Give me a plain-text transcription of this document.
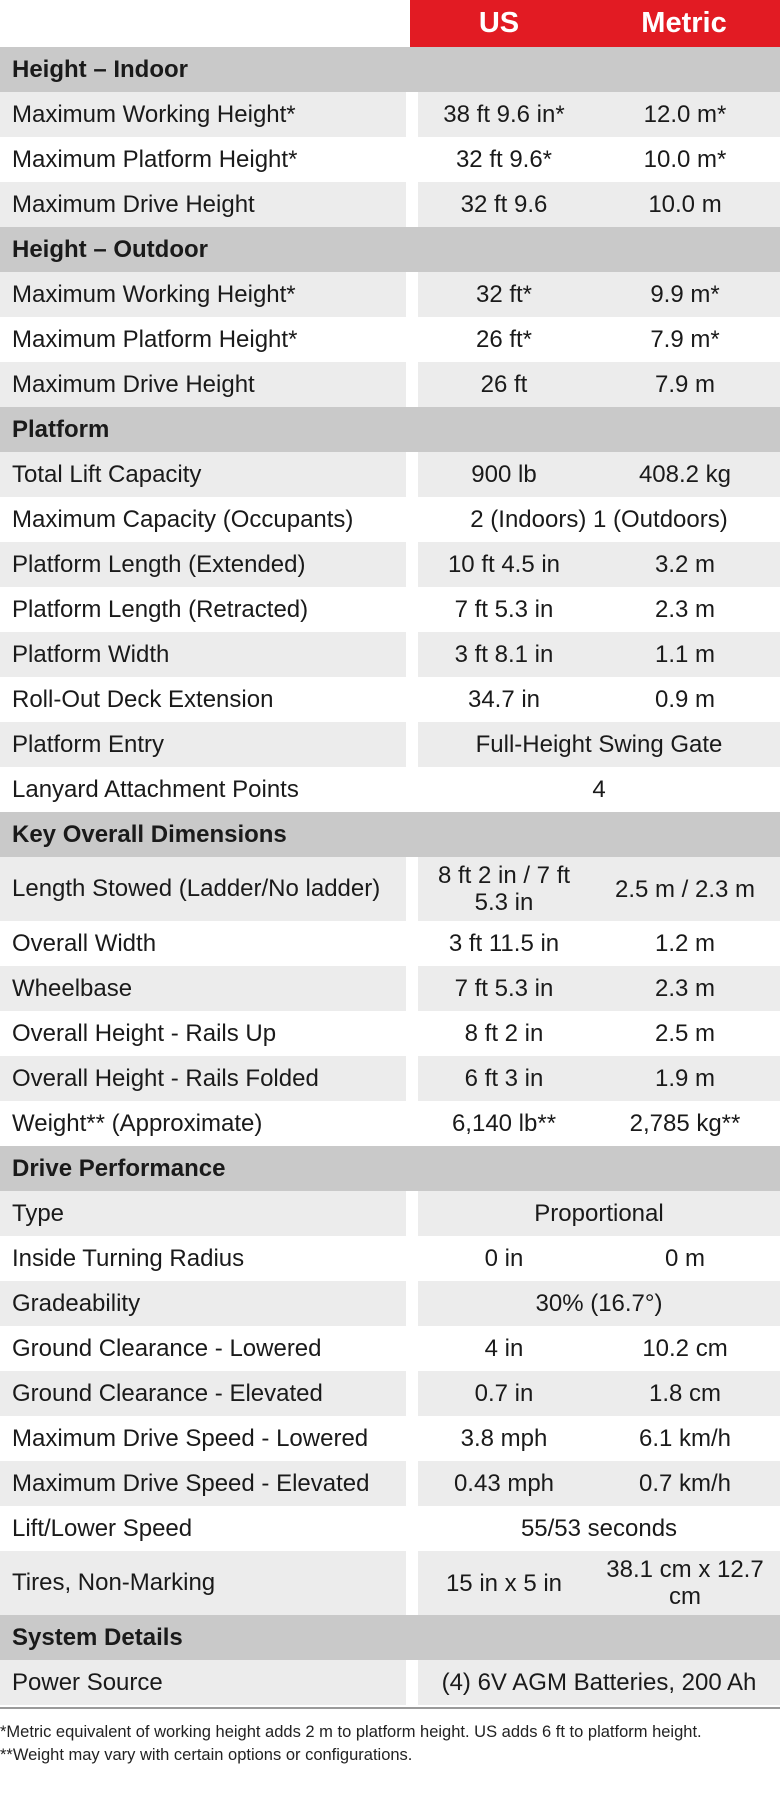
US	Metric
Height – Indoor
Maximum Working Height*	38 ft 9.6 in*	12.0 m*
Maximum Platform Height*	32 ft 9.6*	10.0 m*
Maximum Drive Height	32 ft 9.6	10.0 m
Height – Outdoor
Maximum Working Height*	32 ft*	9.9 m*
Maximum Platform Height*	26 ft*	7.9 m*
Maximum Drive Height	26 ft	7.9 m
Platform
Total Lift Capacity	900 lb	408.2 kg
Maximum Capacity (Occupants)	2 (Indoors) 1 (Outdoors)
Platform Length (Extended)	10 ft 4.5 in	3.2 m
Platform Length (Retracted)	7 ft 5.3 in	2.3 m
Platform Width	3 ft 8.1 in	1.1 m
Roll-Out Deck Extension	34.7 in	0.9 m
Platform Entry	Full-Height Swing Gate
Lanyard Attachment Points	4
Key Overall Dimensions
Length Stowed (Ladder/No ladder)	8 ft 2 in / 7 ft 5.3 in	2.5 m / 2.3 m
Overall Width	3 ft 11.5 in	1.2 m
Wheelbase	7 ft 5.3 in	2.3 m
Overall Height - Rails Up	8 ft 2 in	2.5 m
Overall Height - Rails Folded	6 ft 3 in	1.9 m
Weight** (Approximate)	6,140 lb**	2,785 kg**
Drive Performance
Type	Proportional
Inside Turning Radius	0 in	0 m
Gradeability	30% (16.7°)
Ground Clearance - Lowered	4 in	10.2 cm
Ground Clearance - Elevated	0.7 in	1.8 cm
Maximum Drive Speed - Lowered	3.8 mph	6.1 km/h
Maximum Drive Speed - Elevated	0.43 mph	0.7 km/h
Lift/Lower Speed	55/53 seconds
Tires, Non-Marking	15 in x 5 in	38.1 cm x 12.7 cm
System Details
Power Source	(4) 6V AGM Batteries, 200 Ah
*Metric equivalent of working height adds 2 m to platform height. US adds 6 ft to platform height.
**Weight may vary with certain options or configurations.
